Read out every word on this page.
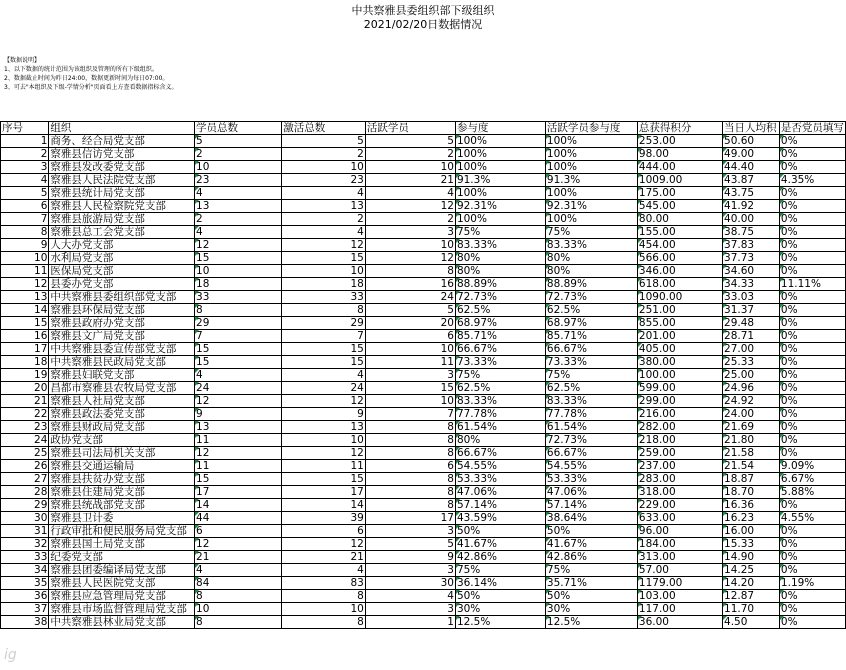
中共察雅县委组织部下级组织
2021/02/20日数据情况
【数据说明】
1、以下数据的统计范围为该组织及管理的所有下级组织。
2、数据截止时间为昨日24:00，数据更新时间为每日07:00。
3、可去"本组织及下级-学情分析"页面看上方查看数据指标含义。
序号	组织	学员总数	激活总数	活跃学员	参与度	活跃学员参与度	总获得积分	当日人均积	是否党员填写
1	商务、经合局党支部	5	5	5	100%	100%	253.00	50.60	0%
2	察雅县信访党支部	2	2	2	100%	100%	98.00	49.00	0%
3	察雅县发改委党支部	10	10	10	100%	100%	444.00	44.40	0%
4	察雅县人民法院党支部	23	23	21	91.3%	91.3%	1009.00	43.87	4.35%
5	察雅县统计局党支部	4	4	4	100%	100%	175.00	43.75	0%
6	察雅县人民检察院党支部	13	13	12	92.31%	92.31%	545.00	41.92	0%
7	察雅县旅游局党支部	2	2	2	100%	100%	80.00	40.00	0%
8	察雅县总工会党支部	4	4	3	75%	75%	155.00	38.75	0%
9	人大办党支部	12	12	10	83.33%	83.33%	454.00	37.83	0%
10	水利局党支部	15	15	12	80%	80%	566.00	37.73	0%
11	医保局党支部	10	10	8	80%	80%	346.00	34.60	0%
12	县委办党支部	18	18	16	88.89%	88.89%	618.00	34.33	11.11%
13	中共察雅县委组织部党支部	33	33	24	72.73%	72.73%	1090.00	33.03	0%
14	察雅县环保局党支部	8	8	5	62.5%	62.5%	251.00	31.37	0%
15	察雅县政府办党支部	29	29	20	68.97%	68.97%	855.00	29.48	0%
16	察雅县文广局党支部	7	7	6	85.71%	85.71%	201.00	28.71	0%
17	中共察雅县委宣传部党支部	15	15	10	66.67%	66.67%	405.00	27.00	0%
18	中共察雅县民政局党支部	15	15	11	73.33%	73.33%	380.00	25.33	0%
19	察雅县妇联党支部	4	4	3	75%	75%	100.00	25.00	0%
20	昌都市察雅县农牧局党支部	24	24	15	62.5%	62.5%	599.00	24.96	0%
21	察雅县人社局党支部	12	12	10	83.33%	83.33%	299.00	24.92	0%
22	察雅县政法委党支部	9	9	7	77.78%	77.78%	216.00	24.00	0%
23	察雅县财政局党支部	13	13	8	61.54%	61.54%	282.00	21.69	0%
24	政协党支部	11	10	8	80%	72.73%	218.00	21.80	0%
25	察雅县司法局机关支部	12	12	8	66.67%	66.67%	259.00	21.58	0%
26	察雅县交通运输局	11	11	6	54.55%	54.55%	237.00	21.54	9.09%
27	察雅县扶贫办党支部	15	15	8	53.33%	53.33%	283.00	18.87	6.67%
28	察雅县住建局党支部	17	17	8	47.06%	47.06%	318.00	18.70	5.88%
29	察雅县统战部党支部	14	14	8	57.14%	57.14%	229.00	16.36	0%
30	察雅县卫计委	44	39	17	43.59%	38.64%	633.00	16.23	4.55%
31	行政审批和便民服务局党支部	6	6	3	50%	50%	96.00	16.00	0%
32	察雅县国土局党支部	12	12	5	41.67%	41.67%	184.00	15.33	0%
33	纪委党支部	21	21	9	42.86%	42.86%	313.00	14.90	0%
34	察雅县团委编译局党支部	4	4	3	75%	75%	57.00	14.25	0%
35	察雅县人民医院党支部	84	83	30	36.14%	35.71%	1179.00	14.20	1.19%
36	察雅县应急管理局党支部	8	8	4	50%	50%	103.00	12.87	0%
37	察雅县市场监督管理局党支部	10	10	3	30%	30%	117.00	11.70	0%
38	中共察雅县林业局党支部	8	8	1	12.5%	12.5%	36.00	4.50	0%
ig
